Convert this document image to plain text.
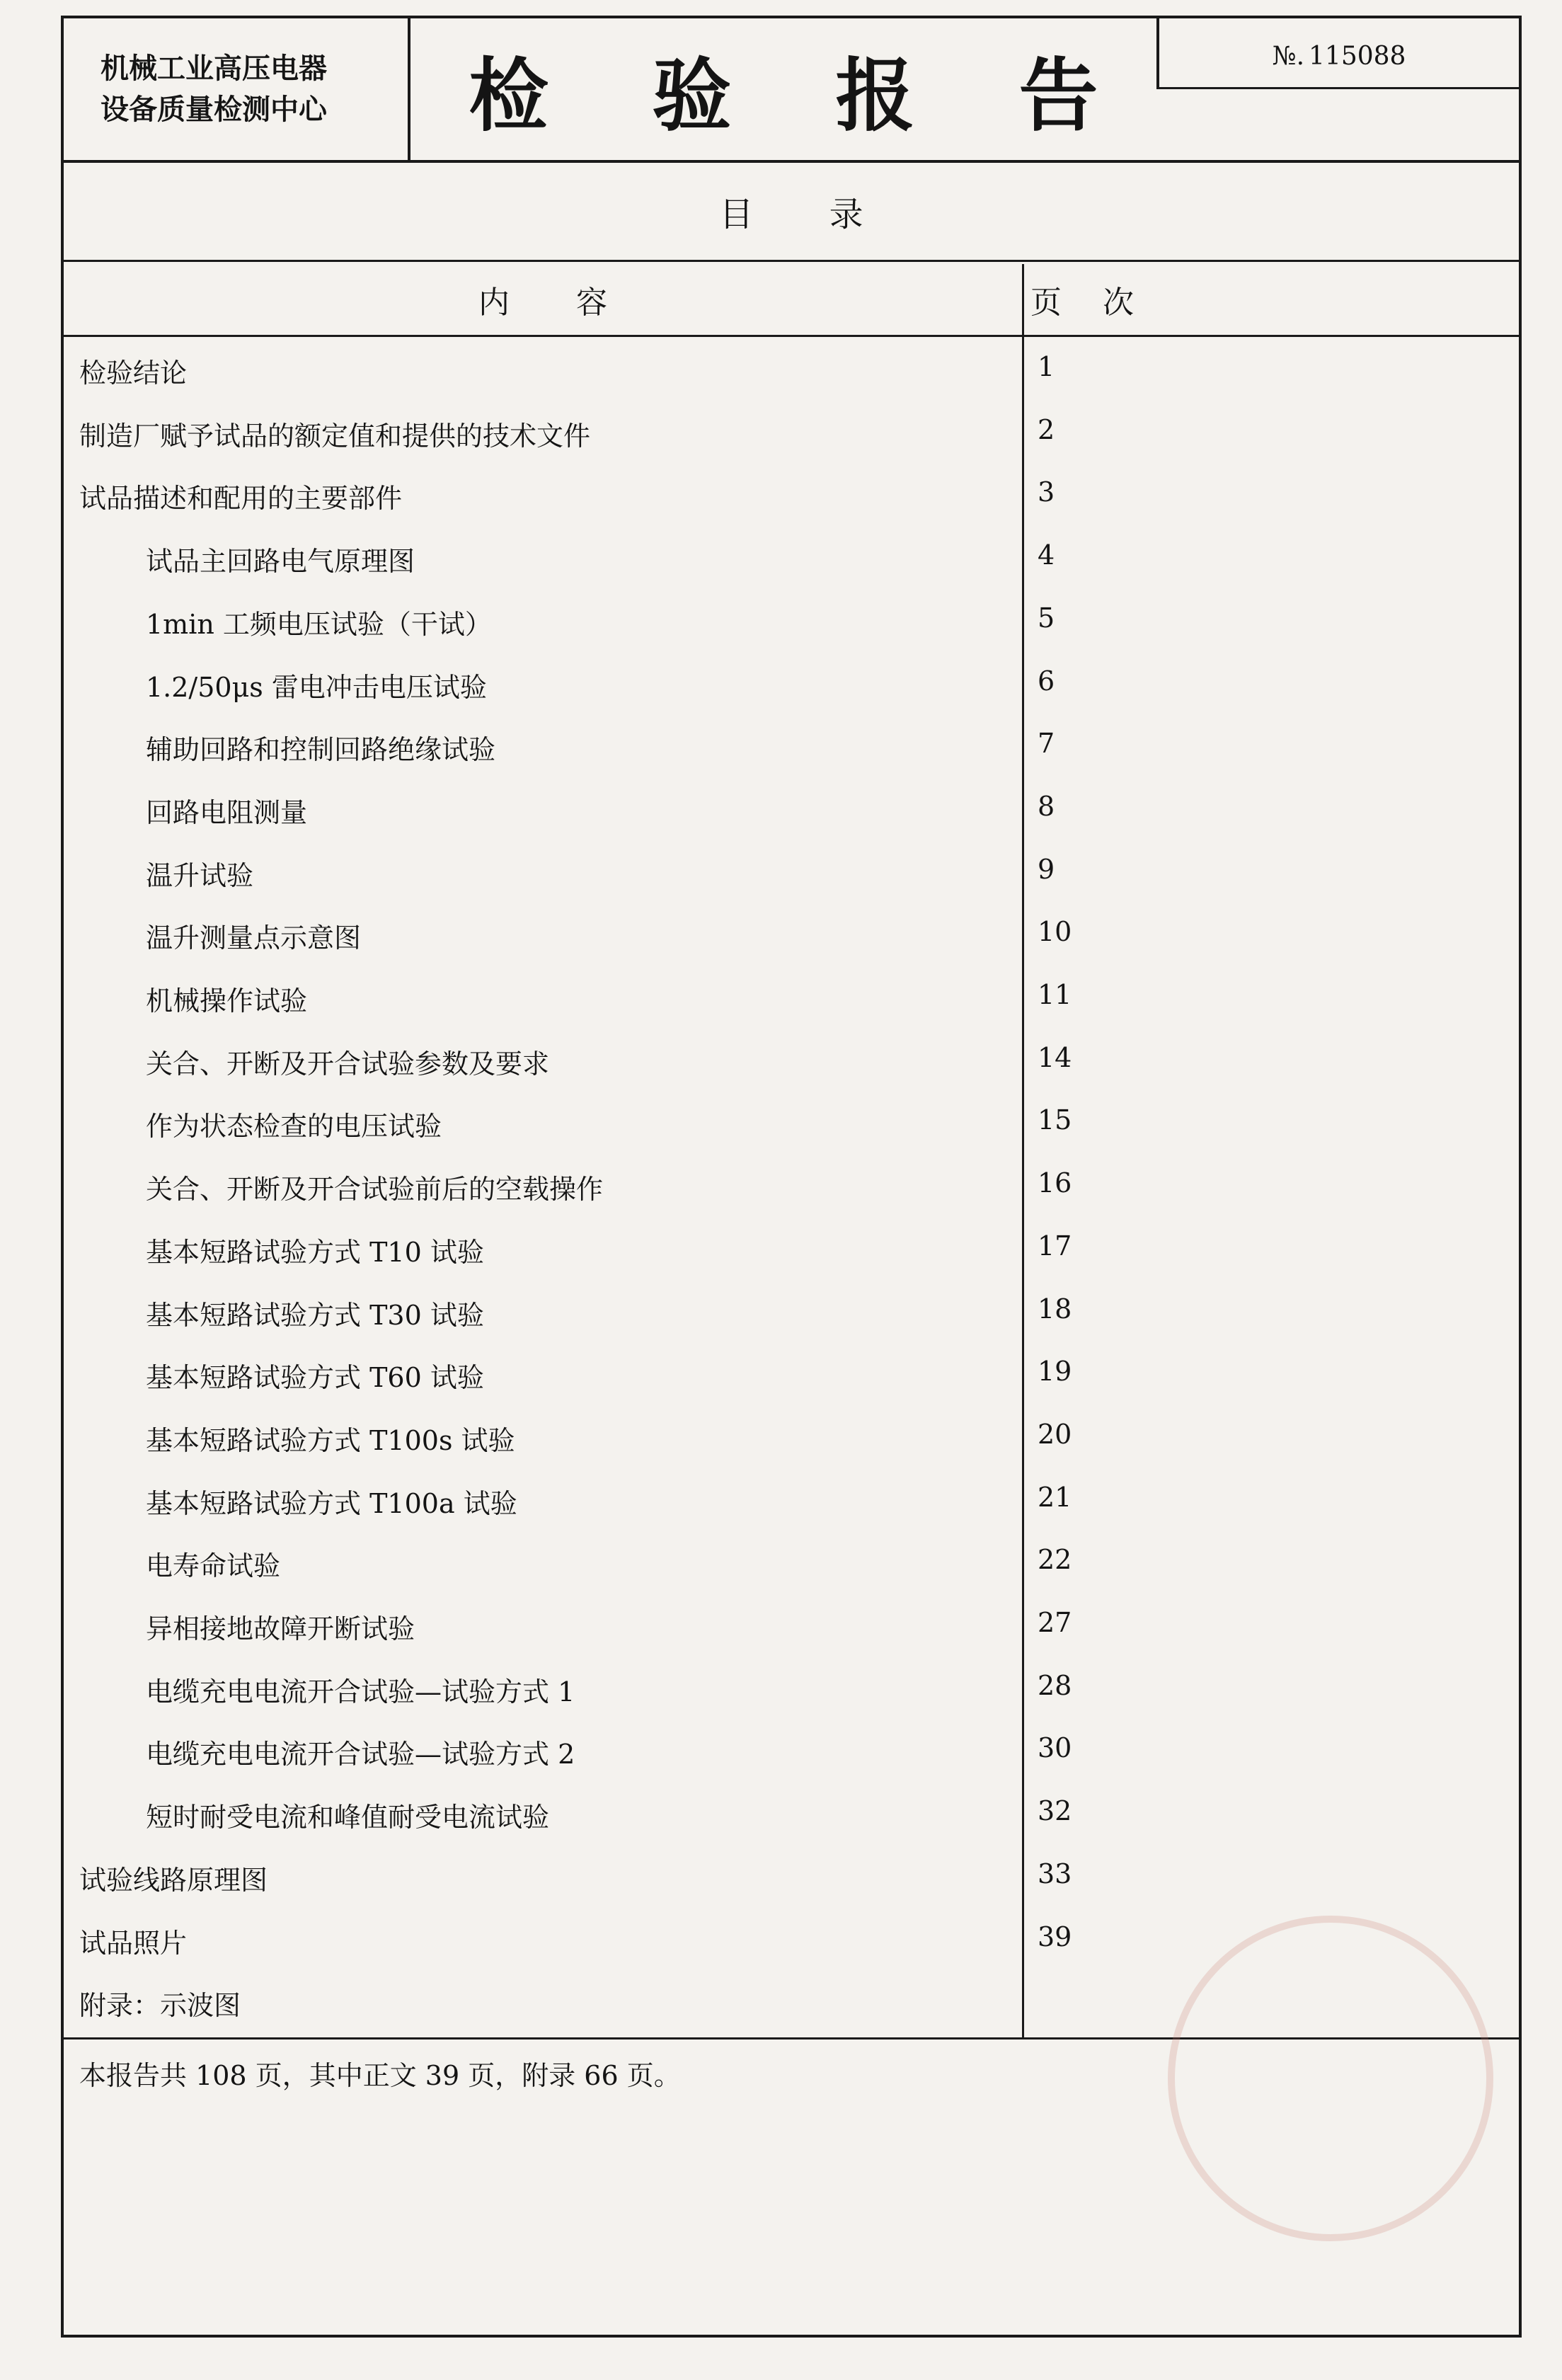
机械工业高压电器
设备质量检测中心	检 验 报 告	№. 115088
目 录
内 容	页 次
检验结论	1
制造厂赋予试品的额定值和提供的技术文件	2
试品描述和配用的主要部件	3
试品主回路电气原理图	4
1min 工频电压试验（干试）	5
1.2/50μs 雷电冲击电压试验	6
辅助回路和控制回路绝缘试验	7
回路电阻测量	8
温升试验	9
温升测量点示意图	10
机械操作试验	11
关合、开断及开合试验参数及要求	14
作为状态检查的电压试验	15
关合、开断及开合试验前后的空载操作	16
基本短路试验方式 T10 试验	17
基本短路试验方式 T30 试验	18
基本短路试验方式 T60 试验	19
基本短路试验方式 T100s 试验	20
基本短路试验方式 T100a 试验	21
电寿命试验	22
异相接地故障开断试验	27
电缆充电电流开合试验—试验方式 1	28
电缆充电电流开合试验—试验方式 2	30
短时耐受电流和峰值耐受电流试验	32
试验线路原理图	33
试品照片	39
附录：示波图
本报告共 108 页，其中正文 39 页，附录 66 页。
